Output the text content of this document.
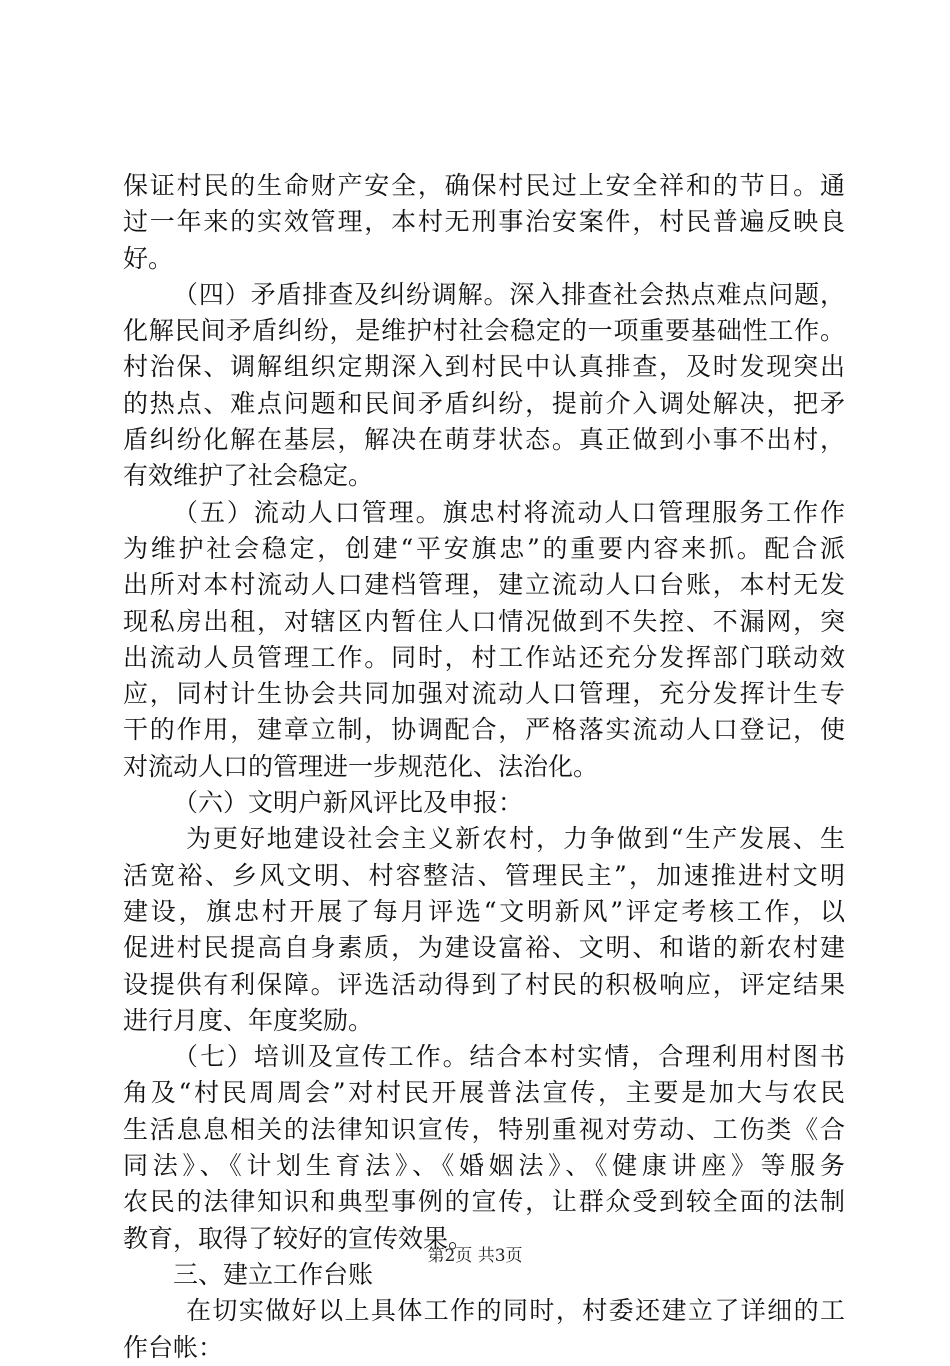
保证村民的生命财产安全，确保村民过上安全祥和的节日。通
过一年来的实效管理，本村无刑事治安案件，村民普遍反映良
好。
（四）矛盾排查及纠纷调解。深入排查社会热点难点问题，
化解民间矛盾纠纷，是维护村社会稳定的一项重要基础性工作。
村治保、调解组织定期深入到村民中认真排查，及时发现突出
的热点、难点问题和民间矛盾纠纷，提前介入调处解决，把矛
盾纠纷化解在基层，解决在萌芽状态。真正做到小事不出村，
有效维护了社会稳定。
（五）流动人口管理。旗忠村将流动人口管理服务工作作
为维护社会稳定，创建“平安旗忠”的重要内容来抓。配合派
出所对本村流动人口建档管理，建立流动人口台账，本村无发
现私房出租，对辖区内暂住人口情况做到不失控、不漏网，突
出流动人员管理工作。同时，村工作站还充分发挥部门联动效
应，同村计生协会共同加强对流动人口管理，充分发挥计生专
干的作用，建章立制，协调配合，严格落实流动人口登记，使
对流动人口的管理进一步规范化、法治化。
（六）文明户新风评比及申报：
为更好地建设社会主义新农村，力争做到“生产发展、生
活宽裕、乡风文明、村容整洁、管理民主”，加速推进村文明
建设，旗忠村开展了每月评选“文明新风”评定考核工作，以
促进村民提高自身素质，为建设富裕、文明、和谐的新农村建
设提供有利保障。评选活动得到了村民的积极响应，评定结果
进行月度、年度奖励。
（七）培训及宣传工作。结合本村实情，合理利用村图书
角及“村民周周会”对村民开展普法宣传，主要是加大与农民
生活息息相关的法律知识宣传，特别重视对劳动、工伤类《合
同法》、《计划生育法》、《婚姻法》、《健康讲座》等服务
农民的法律知识和典型事例的宣传，让群众受到较全面的法制
教育，取得了较好的宣传效果。
三、建立工作台账
在切实做好以上具体工作的同时，村委还建立了详细的工
作台帐：
第2页 共3页
